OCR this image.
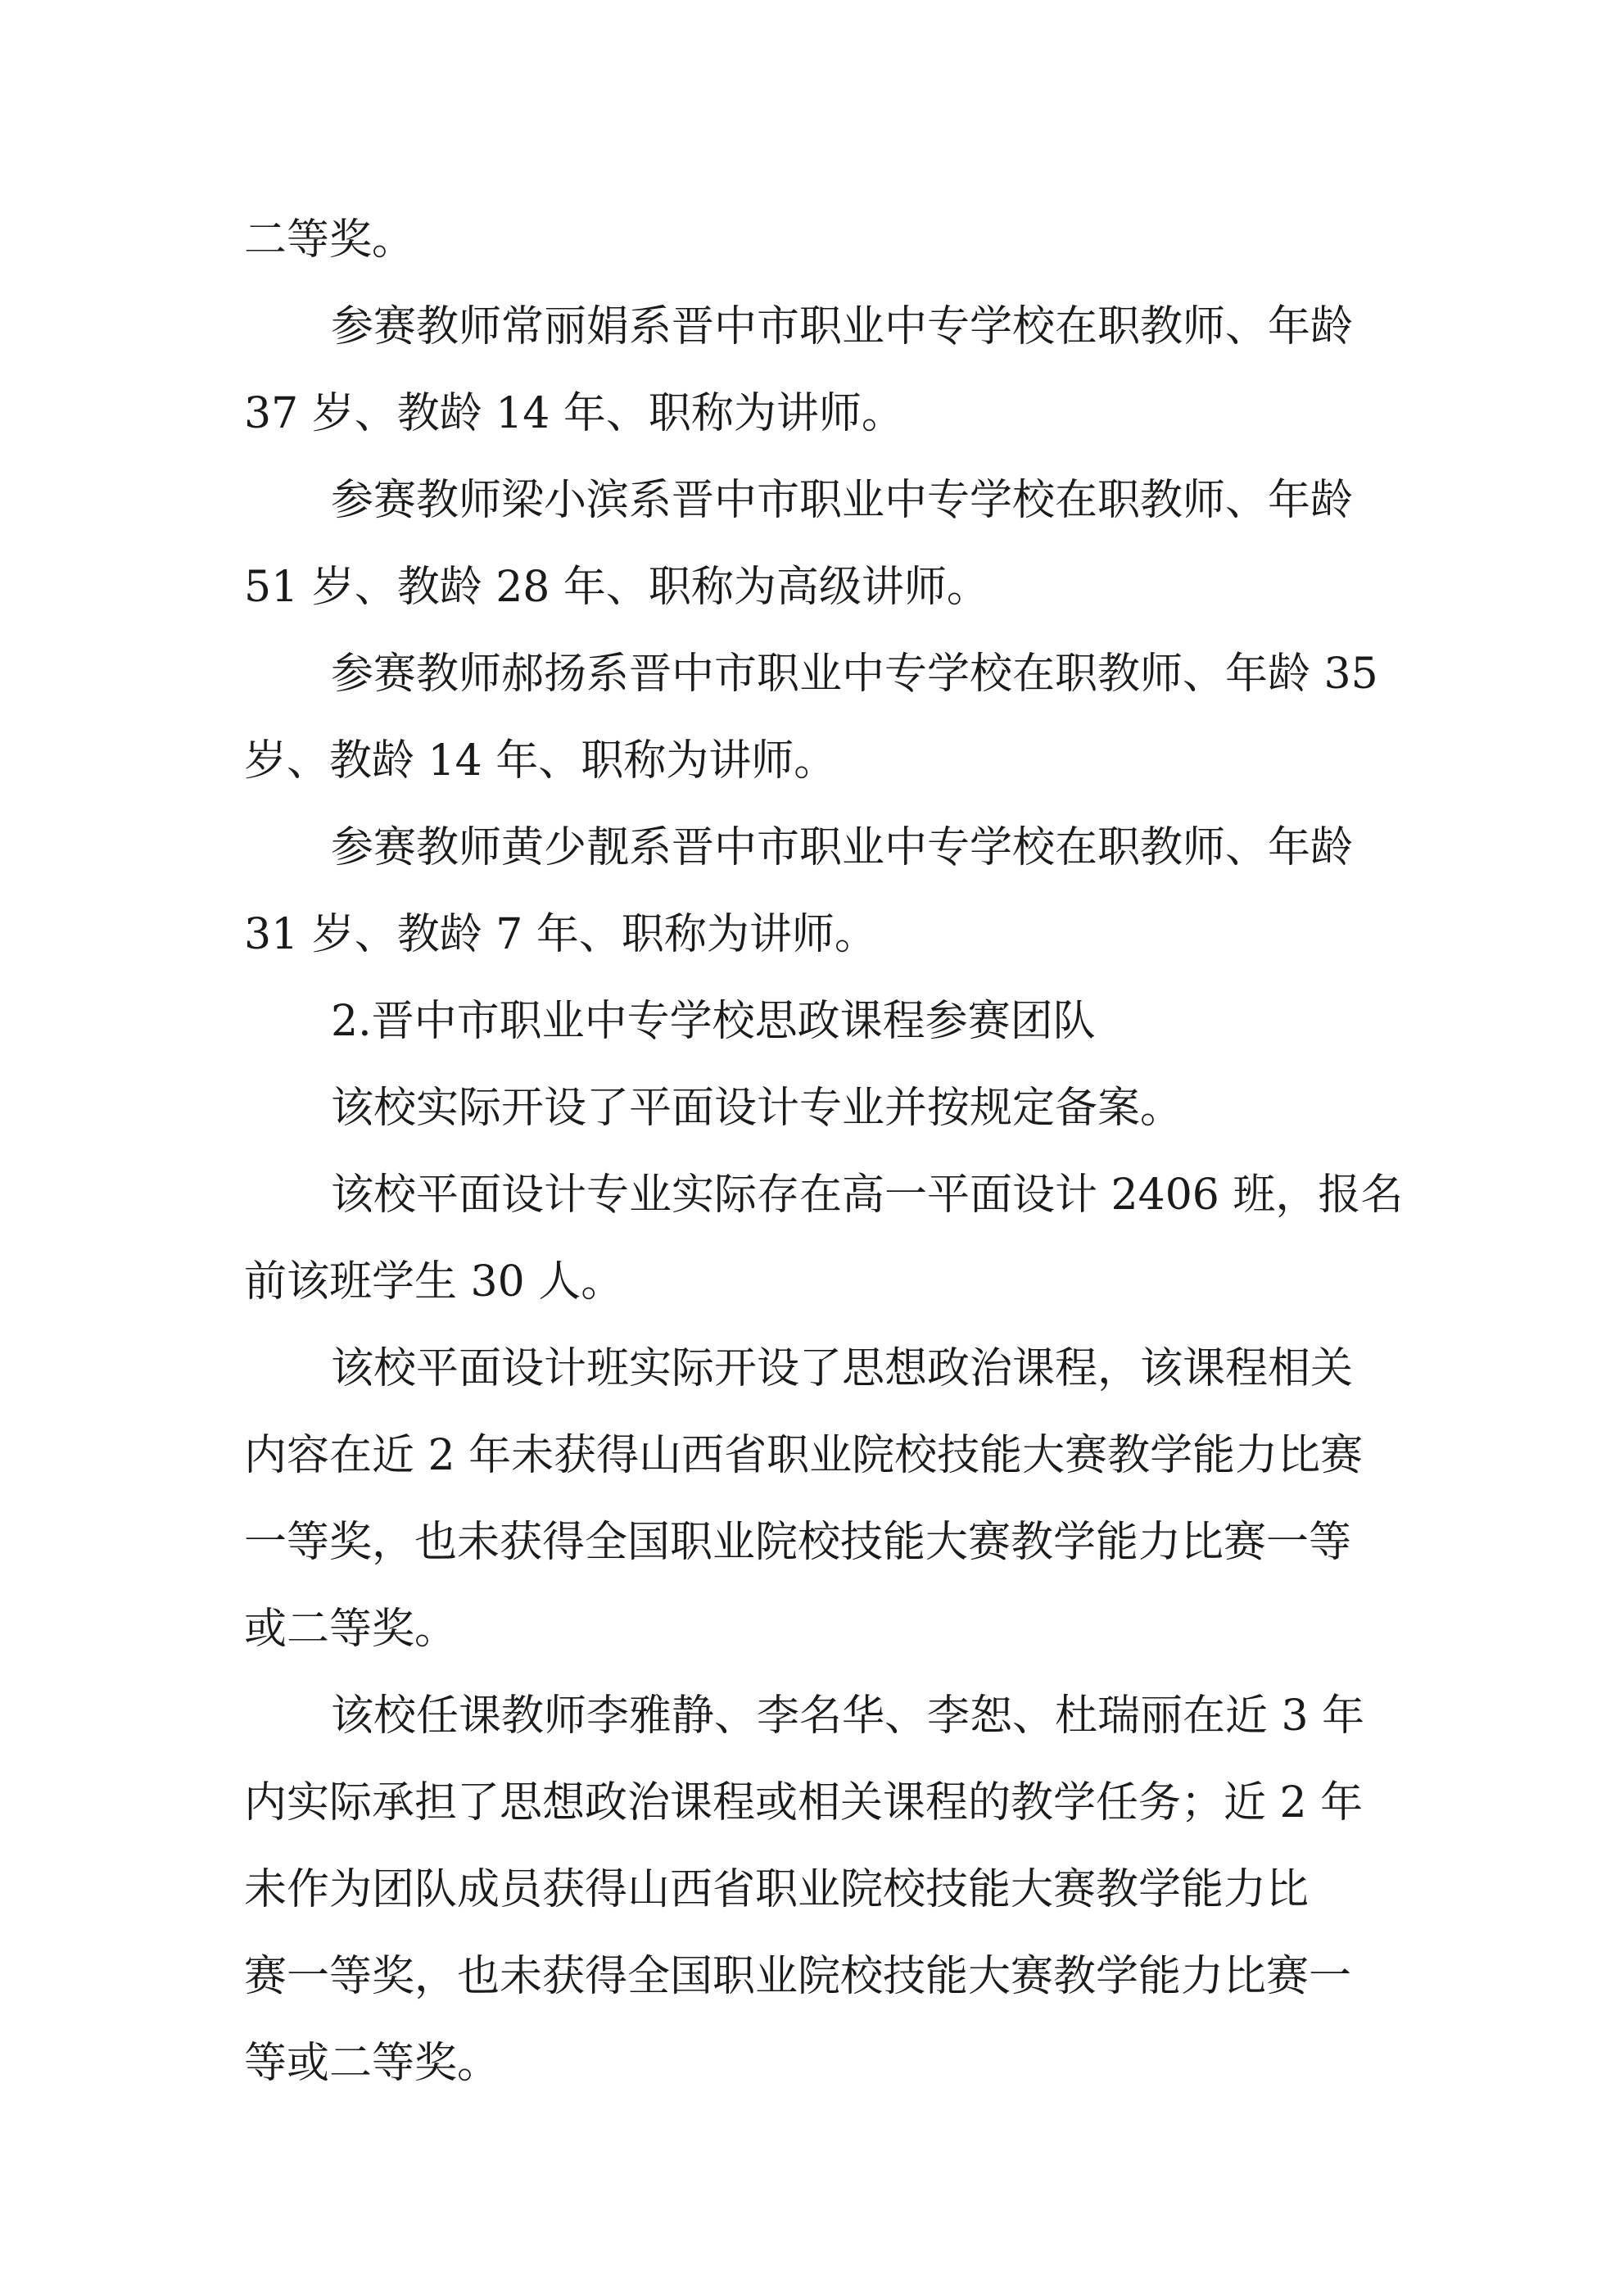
二等奖。

参赛教师常丽娟系晋中市职业中专学校在职教师、年龄

37 岁、教龄 14 年、职称为讲师。

参赛教师梁小滨系晋中市职业中专学校在职教师、年龄

51 岁、教龄 28 年、职称为高级讲师。

参赛教师郝扬系晋中市职业中专学校在职教师、年龄 35

岁、教龄 14 年、职称为讲师。

参赛教师黄少靓系晋中市职业中专学校在职教师、年龄

31 岁、教龄 7 年、职称为讲师。

2.晋中市职业中专学校思政课程参赛团队

该校实际开设了平面设计专业并按规定备案。

该校平面设计专业实际存在高一平面设计 2406 班，报名

前该班学生 30 人。

该校平面设计班实际开设了思想政治课程，该课程相关

内容在近 2 年未获得山西省职业院校技能大赛教学能力比赛

一等奖，也未获得全国职业院校技能大赛教学能力比赛一等

或二等奖。

该校任课教师李雅静、李名华、李恕、杜瑞丽在近 3 年

内实际承担了思想政治课程或相关课程的教学任务；近 2 年

未作为团队成员获得山西省职业院校技能大赛教学能力比

赛一等奖，也未获得全国职业院校技能大赛教学能力比赛一

等或二等奖。
